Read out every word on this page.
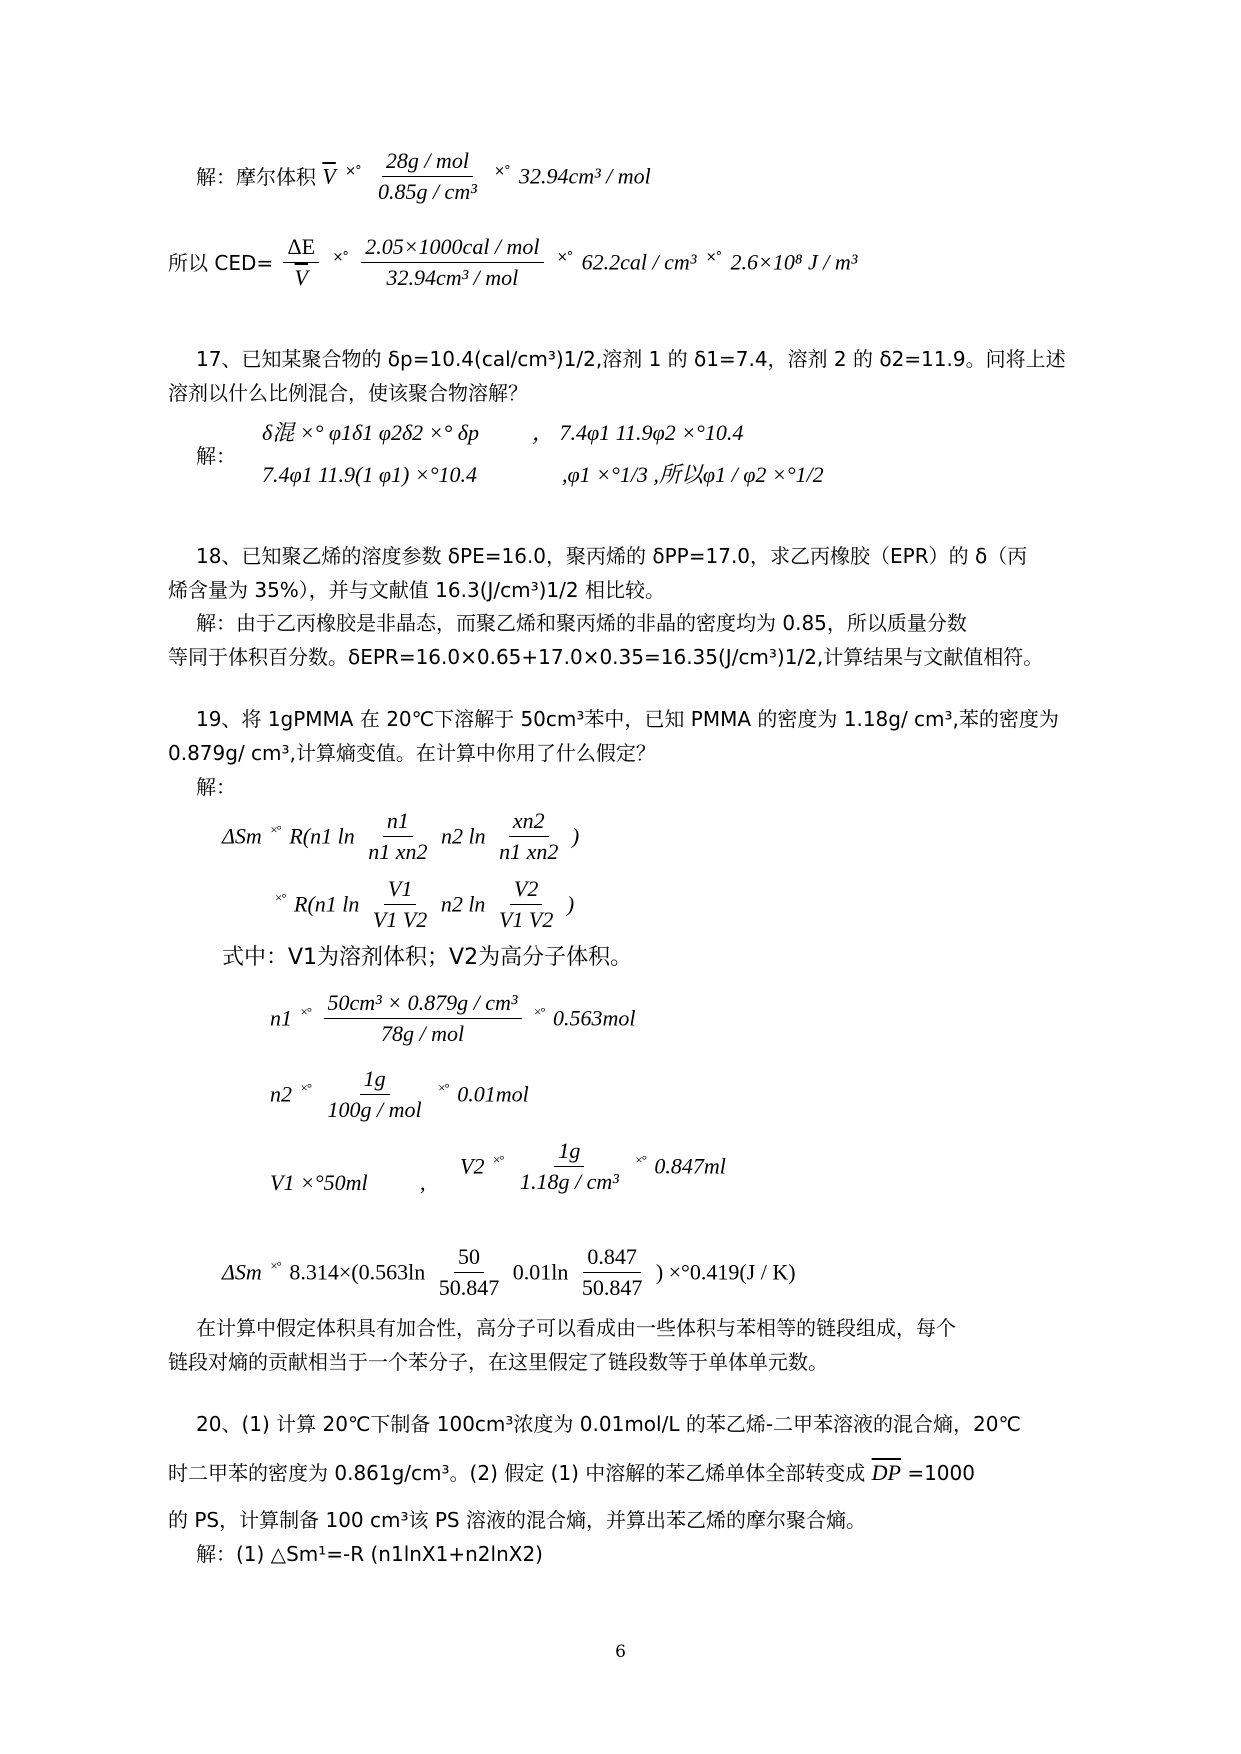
解：摩尔体积 $\overline{V}$ $^{\times^\circ} \frac{\text{28g / mol}}{\text{0.85g / cm³}} ^{\times^\circ}$ 32.94cm³ / mol
所以 $CED= \frac{\Delta E}{V} ^{\times^\circ} \frac{\text{2.05×1000cal / mol}}{\text{32.94cm³ / mol}} ^{\times^\circ}$ 62.2cal / cm³ ×° 2.6×10⁸ J / m³
17、已知某聚合物的 δp=10.4(cal/cm³)1/2,溶剂 1 的 δ1=7.4，溶剂 2 的 δ2=11.9。问将上述
溶剂以什么比例混合，使该聚合物溶解？
解：
δ混 ×° φ1δ1 φ2δ2 ×° δp ， 7.4φ1 11.9φ2 ×°10.4
7.4φ1 11.9(1 φ1) ×°10.4	,φ1 ×°1/3 ,所以φ1 / φ2 ×°1/2
18、已知聚乙烯的溶度参数 δPE=16.0，聚丙烯的 δPP=17.0，求乙丙橡胶（EPR）的 δ（丙
烯含量为 35%），并与文献值 16.3(J/cm³)1/2 相比较。
解：由于乙丙橡胶是非晶态，而聚乙烯和聚丙烯的非晶的密度均为 0.85，所以质量分数
等同于体积百分数。δEPR=16.0×0.65+17.0×0.35=16.35(J/cm³)1/2,计算结果与文献值相符。
19、将 1gPMMA 在 20℃下溶解于 50cm³苯中，已知 PMMA 的密度为 1.18g/ cm³,苯的密度为
0.879g/ cm³,计算熵变值。在计算中你用了什么假定？
解：
ΔSm ×° R(n1 $\ln \frac{n1}{n1 xn2} n2$ $\ln \frac{xn2}{n1 xn2}$ )
×° R(n1 $\ln \frac{V1}{V1 V2} n2$ $\ln \frac{V2}{V1 V2}$ )
式中：V1为溶剂体积；V2为高分子体积。
n1 $^{\times^\circ} \frac{\text{50cm³ × 0.879g / cm³}}{\text{78g / mol}} ^{\times^\circ}$ 0.563mol
n2 $^{\times^\circ} \frac{1g}{\text{100g / mol}} ^{\times^\circ}$ 0.01mol
V1 ×°50ml ,
V2 $^{\times^\circ} \frac{1g}{\text{1.18g / cm³}} ^{\times^\circ}$ 0.847ml
ΔSm ×° $8.314\times(0.563\ln \frac{50}{50.847} 0.01\ln \frac{0.847}{50.847}$ ) ×°0.419(J / K)
在计算中假定体积具有加合性，高分子可以看成由一些体积与苯相等的链段组成，每个
链段对熵的贡献相当于一个苯分子，在这里假定了链段数等于单体单元数。
20、(1) 计算 20℃下制备 100cm³浓度为 0.01mol/L 的苯乙烯-二甲苯溶液的混合熵，20℃
时二甲苯的密度为 0.861g/cm³。(2) 假定 (1) 中溶解的苯乙烯单体全部转变成 $\overline{DP} =1000$
的 PS，计算制备 100 cm³该 PS 溶液的混合熵，并算出苯乙烯的摩尔聚合熵。
解：(1) △Sm¹=-R (n1lnX1+n2lnX2)
6
